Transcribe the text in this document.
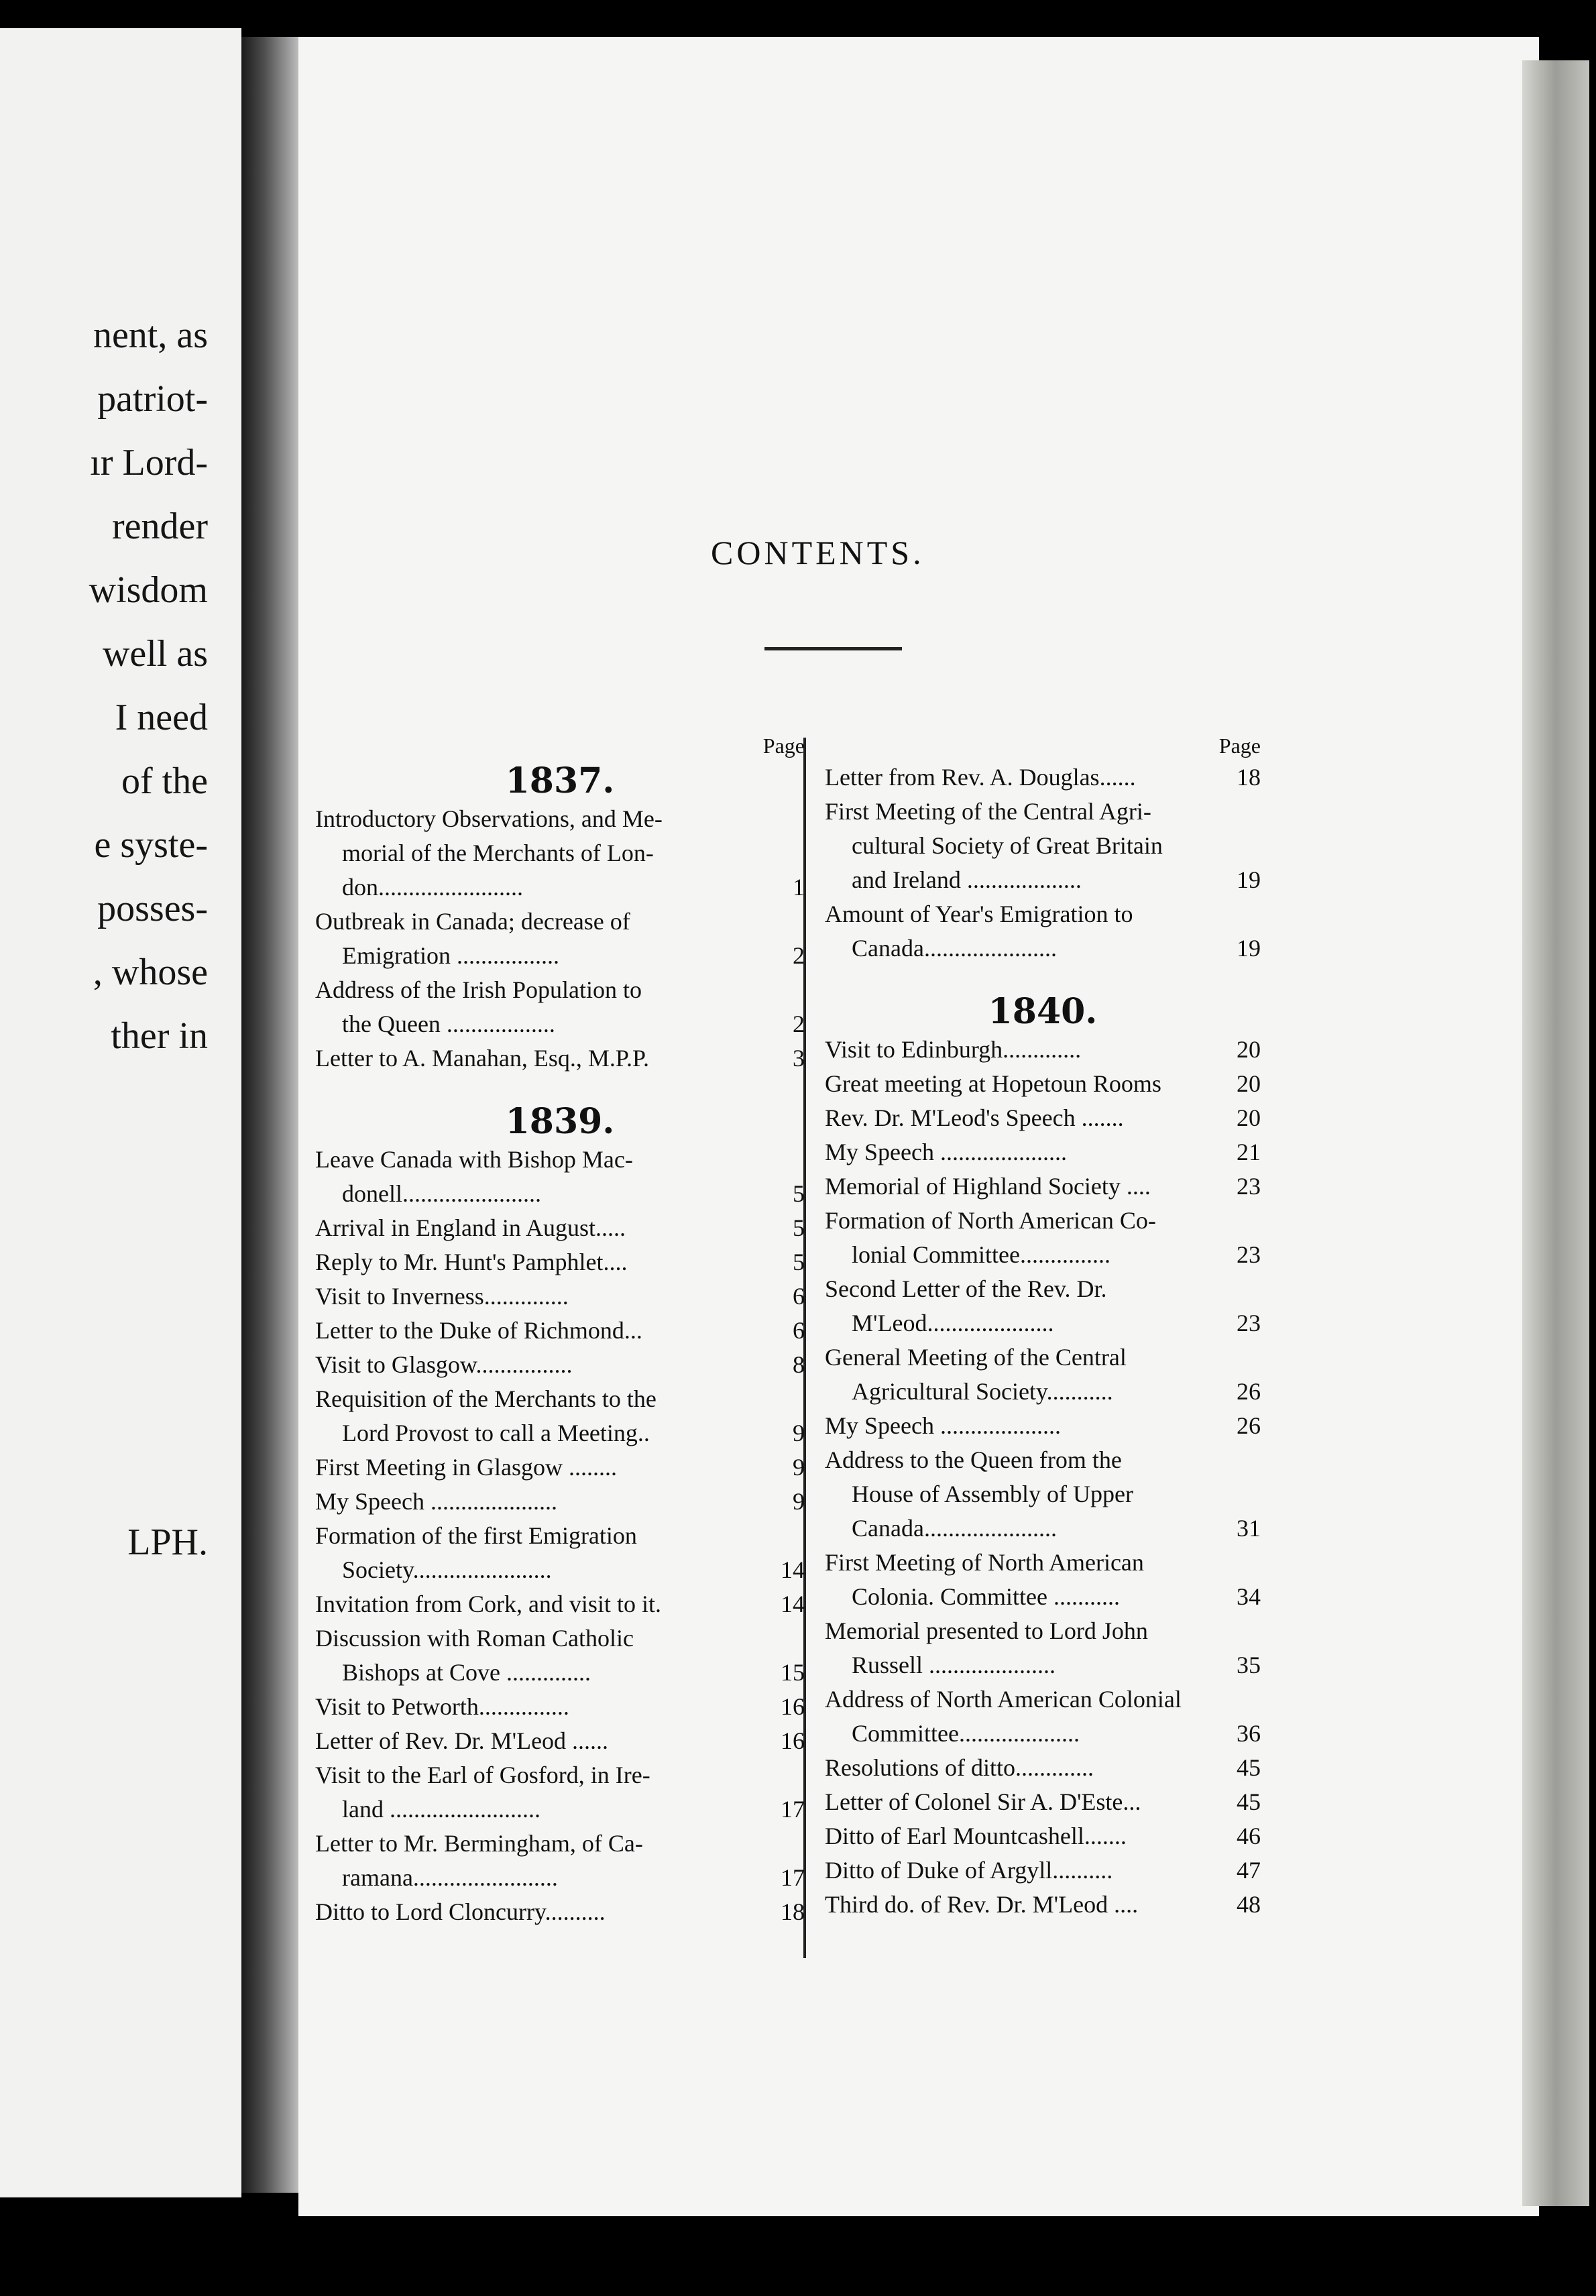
nent, as
patriot-
ır Lord-
render
wisdom
well as
I need
of the
e syste-
posses-
, whose
ther in
LPH.
CONTENTS.
Page
1837.
Introductory Observations, and Me-
morial of the Merchants of Lon-
don........................	1
Outbreak in Canada; decrease of
Emigration .................	2
Address of the Irish Population to
the Queen ..................	2
Letter to A. Manahan, Esq., M.P.P.	3
1839.
Leave Canada with Bishop Mac-
donell.......................	5
Arrival in England in August.....	5
Reply to Mr. Hunt's Pamphlet....	5
Visit to Inverness..............	6
Letter to the Duke of Richmond...	6
Visit to Glasgow................	8
Requisition of the Merchants to the
Lord Provost to call a Meeting..	9
First Meeting in Glasgow ........	9
My Speech .....................	9
Formation of the first Emigration
Society.......................	14
Invitation from Cork, and visit to it.	14
Discussion with Roman Catholic
Bishops at Cove ..............	15
Visit to Petworth...............	16
Letter of Rev. Dr. M'Leod ......	16
Visit to the Earl of Gosford, in Ire-
land .........................	17
Letter to Mr. Bermingham, of Ca-
ramana........................	17
Ditto to Lord Cloncurry..........	18
Page
Letter from Rev. A. Douglas......	18
First Meeting of the Central Agri-
cultural Society of Great Britain
and Ireland ...................	19
Amount of Year's Emigration to
Canada......................	19
1840.
Visit to Edinburgh.............	20
Great meeting at Hopetoun Rooms	20
Rev. Dr. M'Leod's Speech .......	20
My Speech .....................	21
Memorial of Highland Society ....	23
Formation of North American Co-
lonial Committee...............	23
Second Letter of the Rev. Dr.
M'Leod.....................	23
General Meeting of the Central
Agricultural Society...........	26
My Speech ....................	26
Address to the Queen from the
House of Assembly of Upper
Canada......................	31
First Meeting of North American
Colonia. Committee ...........	34
Memorial presented to Lord John
Russell .....................	35
Address of North American Colonial
Committee....................	36
Resolutions of ditto.............	45
Letter of Colonel Sir A. D'Este...	45
Ditto of Earl Mountcashell.......	46
Ditto of Duke of Argyll..........	47
Third do. of Rev. Dr. M'Leod ....	48
